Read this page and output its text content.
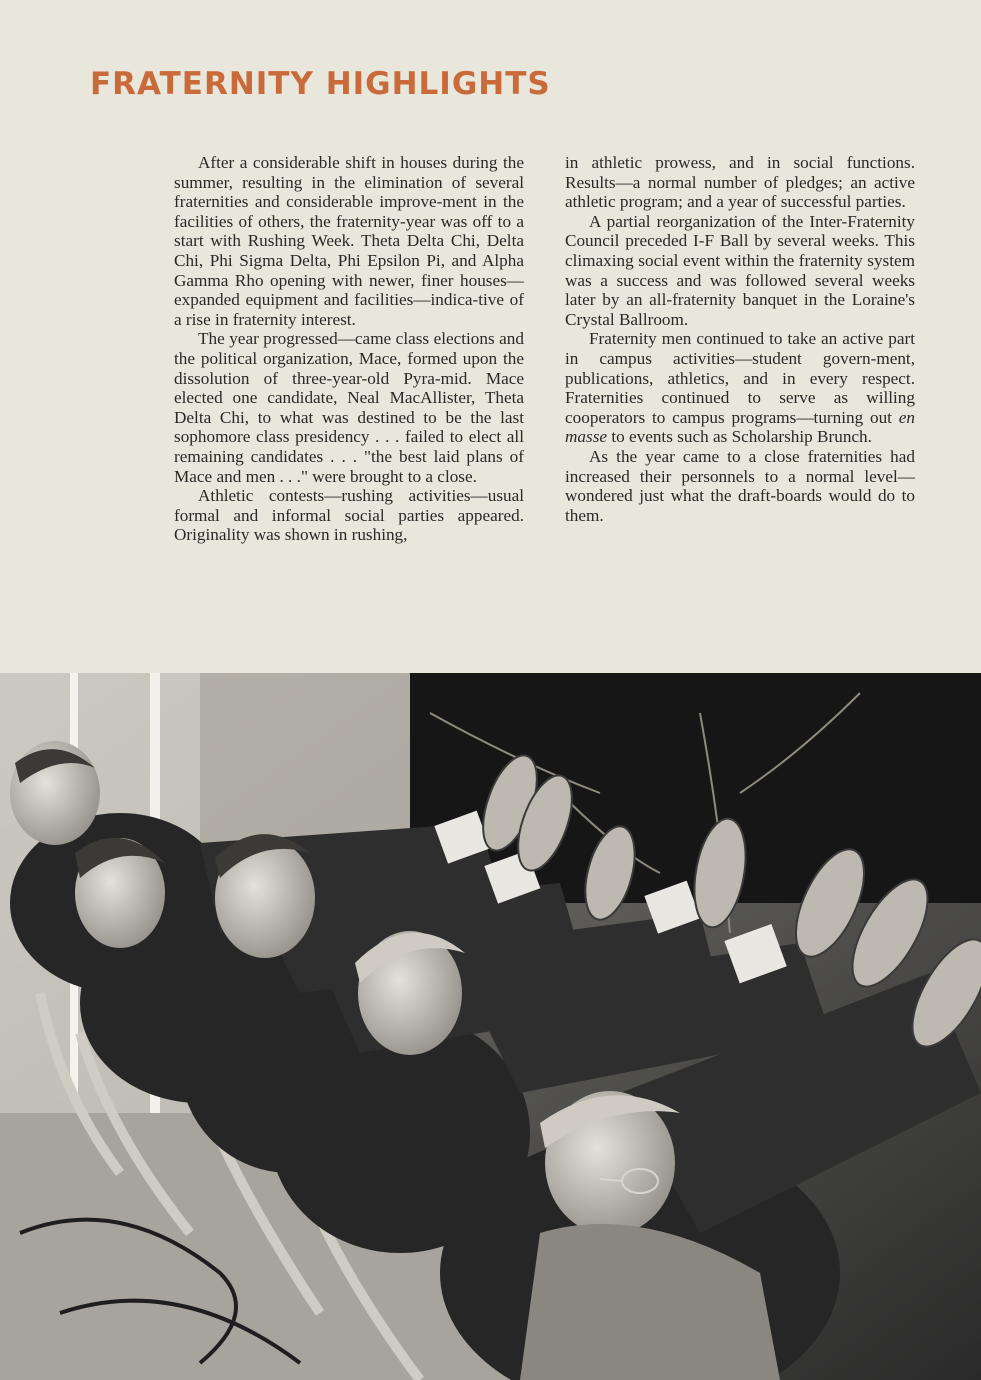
FRATERNITY HIGHLIGHTS

After a considerable shift in houses during the summer, resulting in the elimination of several fraternities and considerable improve-ment in the facilities of others, the fraternity-year was off to a start with Rushing Week. Theta Delta Chi, Delta Chi, Phi Sigma Delta, Phi Epsilon Pi, and Alpha Gamma Rho opening with newer, finer houses—expanded equipment and facilities—indica-tive of a rise in fraternity interest.

The year progressed—came class elections and the political organization, Mace, formed upon the dissolution of three-year-old Pyra-mid. Mace elected one candidate, Neal MacAllister, Theta Delta Chi, to what was destined to be the last sophomore class presidency . . . failed to elect all remaining candidates . . . "the best laid plans of Mace and men . . ." were brought to a close.

Athletic contests—rushing activities—usual formal and informal social parties appeared. Originality was shown in rushing,

in athletic prowess, and in social functions. Results—a normal number of pledges; an active athletic program; and a year of successful parties.

A partial reorganization of the Inter-Fraternity Council preceded I-F Ball by several weeks. This climaxing social event within the fraternity system was a success and was followed several weeks later by an all-fraternity banquet in the Loraine's Crystal Ballroom.

Fraternity men continued to take an active part in campus activities—student govern-ment, publications, athletics, and in every respect. Fraternities continued to serve as willing cooperators to campus programs—turning out en masse to events such as Scholarship Brunch.

As the year came to a close fraternities had increased their personnels to a normal level—wondered just what the draft-boards would do to them.
